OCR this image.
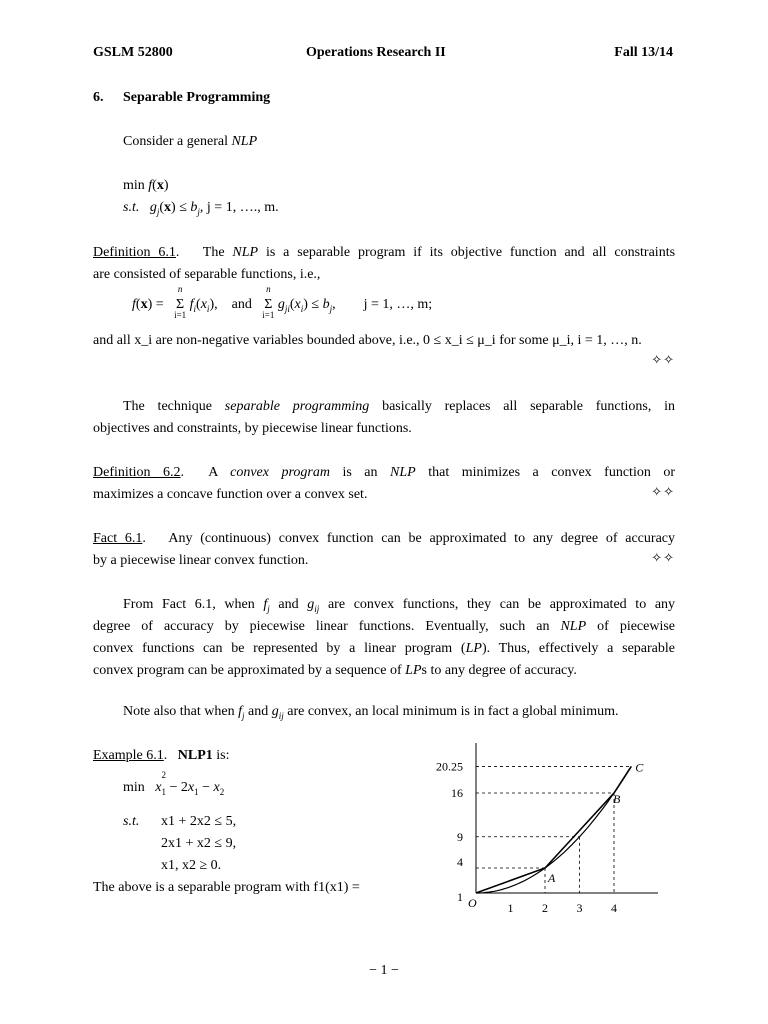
GSLM 52800	Operations Research II	Fall 13/14
6. Separable Programming
Consider a general NLP
min f(x)
s.t. $g_j(x) \le b_j$, j = 1, …., m.
Definition 6.1.   The NLP is a separable program if its objective function and all constraints
are consisted of separable functions, i.e.,
f(x) =
n
Σ
i=1
$f_i(x_i)$,    and
n
Σ
i=1
$g_{ji}(x_i) \le b_j$,        j = 1, …, m;
and all x_i are non-negative variables bounded above, i.e., 0 ≤ x_i ≤ μ_i for some μ_i, i = 1, …, n.
✧✧
The technique separable programming basically replaces all separable functions, in
objectives and constraints, by piecewise linear functions.
Definition 6.2.  A convex program is an NLP that minimizes a convex function or
maximizes a concave function over a convex set.	✧✧
Fact 6.1.   Any (continuous) convex function can be approximated to any degree of accuracy
by a piecewise linear convex function.	✧✧
From Fact 6.1, when $f_j$ and $g_{ij}$ are convex functions, they can be approximated to any
degree of accuracy by piecewise linear functions. Eventually, such an NLP of piecewise
convex functions can be represented by a linear program (LP). Thus, effectively a separable
convex program can be approximated by a sequence of LPs to any degree of accuracy.
Note also that when $f_j$ and $g_{ij}$ are convex, an local minimum is in fact a global minimum.
Example 6.1.   NLP1 is:
min x
2
$_1 - 2x_1 - x_2$
s.t. x1 + 2x2 ≤ 5,
2x1 + x2 ≤ 9,
x1, x2 ≥ 0.
The above is a separable program with f1(x1) =
1 2 3 4
1
4
9
16
20.25
O
A
B
C
− 1 −
